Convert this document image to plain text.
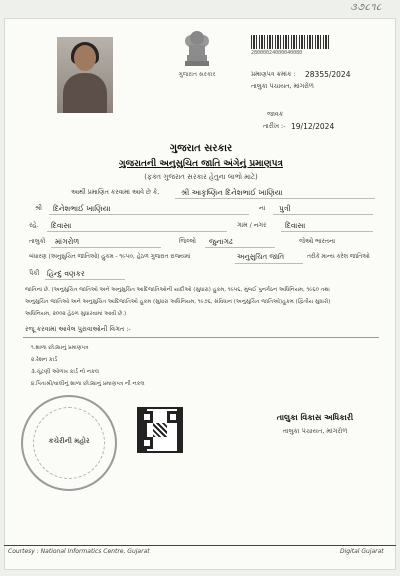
૩૭૮૧૮
ગુજરાત સરકાર
28000024000040080
પ્રમાણપત્ર ક્રમાંક : 28355/2024
તાલુકા પંચાયત, માંગરોળ
જાવક
તારીખ :- 19/12/2024
ગુજરાત સરકાર
ગુજરાતની અનુસુચિત જાતિ અંગેનું પ્રમાણપત્ર
(ફક્ત ગુજરાત સરકાર હેતુના લાભો માટે)
આથી પ્રમાણિત કરવામાં આવે છે કે,	શ્રી આકૃષ્ણિન દિનેશભાઈ ખાણિયા
શ્રી દિનેશભાઈ ખાણિયા	ના પુત્રી
રહે. દિવાસા	ગામ / નગર દિવાસા
તાલુકો માંગરોળ	જિલ્લો જુનાગઢ	જેઓ ભારતના
બંધારણ (અનુસુચિત જાતિઓ) હુકમ - ૧૯૫૦, હેઠળ ગુજરાત રાજ્યમાં	અનુસુચિત જાતિ	તરીકે માન્ય કરેલ જાતિઓ
પૈકી હિન્દુ વણકર
જાતિના છે. (અનુસુચિત જાતિઓ અને અનુસુચિત આદિજાતિઓની યાદીઓ (સુધારા) હુકમ, ૧૯૫૬, મુંબઈ પુનર્ગઠન અધિનિયમ, ૧૯૬૦ તથા
અનુસુચિત જાતિઓ અને અનુસુચિત આદિજાતિઓ હુકમ (સુધારા અધિનિયમ, ૧૯૭૬, સંવિધાન (અનુસુચિત જાતિઓ)હુકમ (દ્વિતીય સુધારો)
અધિનિયમ, ૨૦૦૨ હેઠળ સુધારવામાં આવી છે.)
રજૂ કરવામાં આવેલ પુરાવાઓની વિગત :-
૧.શાળા છોડ્યાનું પ્રમાણપત્ર
૨.રેશન કાર્ડ
૩.ચૂંટણી ઓળખ કાર્ડ નો નકલ
૪.પિતાશ્રી/વાલીનું શાળા છોડ્યાનું પ્રમાણપત્ર ની નકલ
કચેરીની મહોર
તાલુકા વિકાસ અધિકારી
તાલુકા પંચાયત, માંગરોળ
Courtesy : National Informatics Centre, Gujarat	Digital Gujarat
